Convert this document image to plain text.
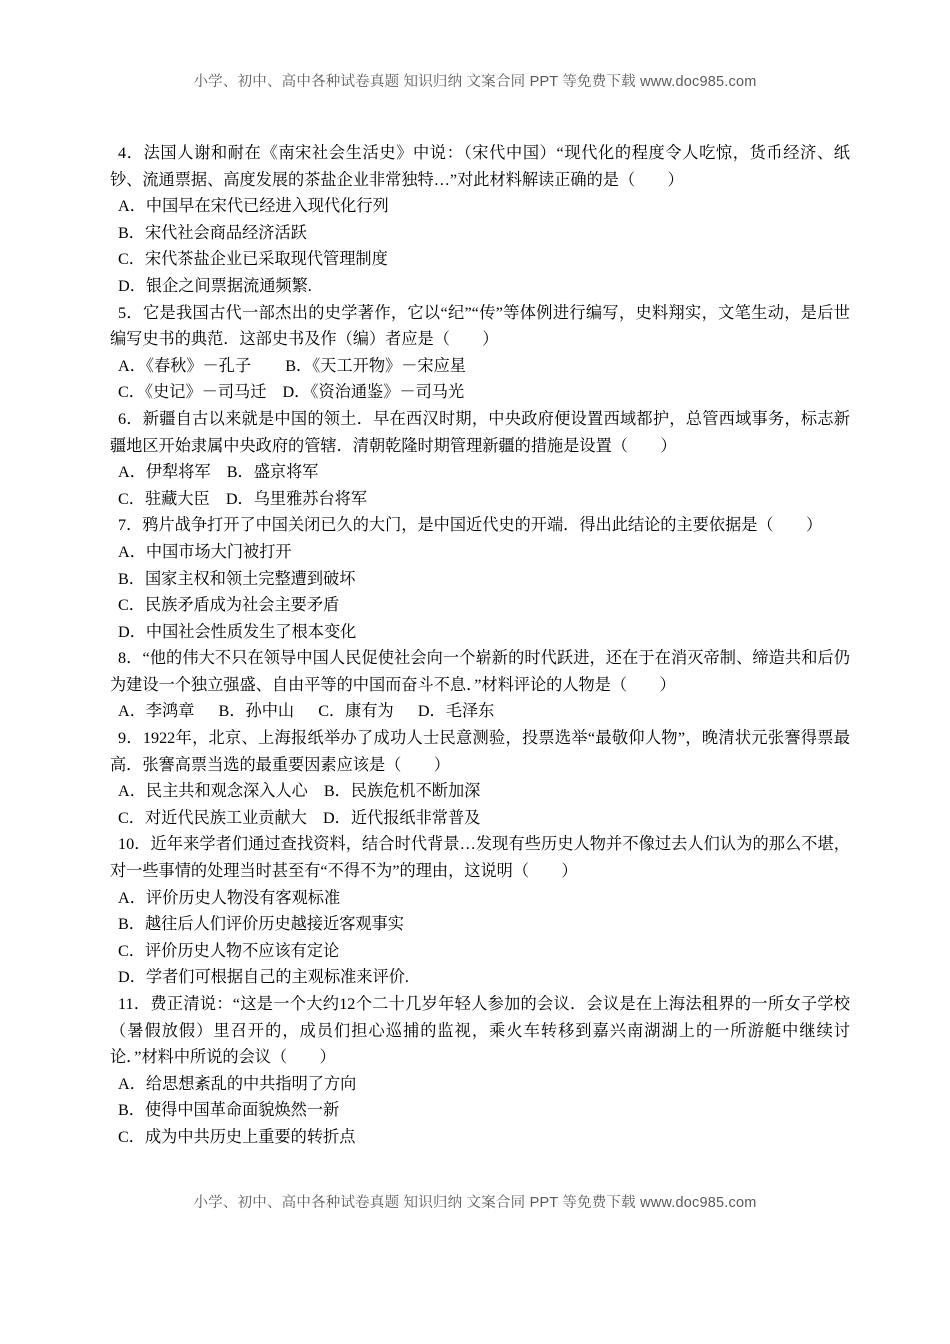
小学、初中、高中各种试卷真题 知识归纳 文案合同 PPT 等免费下载 www.doc985.com

4．法国人谢和耐在《南宋社会生活史》中说：（宋代中国）“现代化的程度令人吃惊，货币经济、纸钞、流通票据、高度发展的茶盐企业非常独特…”对此材料解读正确的是（　　）

A．中国早在宋代已经进入现代化行列
B．宋代社会商品经济活跃
C．宋代茶盐企业已采取现代管理制度
D．银企之间票据流通频繁.

5．它是我国古代一部杰出的史学著作，它以“纪”“传”等体例进行编写，史料翔实，文笔生动，是后世编写史书的典范．这部史书及作（编）者应是（　　）

A．《春秋》－孔子 B．《天工开物》－宋应星
C．《史记》－司马迁 D．《资治通鉴》－司马光

6．新疆自古以来就是中国的领土．早在西汉时期，中央政府便设置西域都护，总管西域事务，标志新疆地区开始隶属中央政府的管辖．清朝乾隆时期管理新疆的措施是设置（　　）

A．伊犁将军 B．盛京将军
C．驻藏大臣 D．乌里雅苏台将军

7．鸦片战争打开了中国关闭已久的大门，是中国近代史的开端．得出此结论的主要依据是（　　）

A．中国市场大门被打开
B．国家主权和领土完整遭到破坏
C．民族矛盾成为社会主要矛盾
D．中国社会性质发生了根本变化

8．“他的伟大不只在领导中国人民促使社会向一个崭新的时代跃进，还在于在消灭帝制、缔造共和后仍为建设一个独立强盛、自由平等的中国而奋斗不息．”材料评论的人物是（　　）

A．李鸿章 B．孙中山 C．康有为 D．毛泽东

9．1922年，北京、上海报纸举办了成功人士民意测验，投票选举“最敬仰人物”，晚清状元张謇得票最高．张謇高票当选的最重要因素应该是（　　）

A．民主共和观念深入人心 B．民族危机不断加深
C．对近代民族工业贡献大 D．近代报纸非常普及

10．近年来学者们通过查找资料，结合时代背景…发现有些历史人物并不像过去人们认为的那么不堪，对一些事情的处理当时甚至有“不得不为”的理由，这说明（　　）

A．评价历史人物没有客观标准
B．越往后人们评价历史越接近客观事实
C．评价历史人物不应该有定论
D．学者们可根据自己的主观标准来评价.

11．费正清说：“这是一个大约12个二十几岁年轻人参加的会议．会议是在上海法租界的一所女子学校（暑假放假）里召开的，成员们担心巡捕的监视，乘火车转移到嘉兴南湖湖上的一所游艇中继续讨论．”材料中所说的会议（　　）

A．给思想紊乱的中共指明了方向
B．使得中国革命面貌焕然一新
C．成为中共历史上重要的转折点
小学、初中、高中各种试卷真题 知识归纳 文案合同 PPT 等免费下载 www.doc985.com
